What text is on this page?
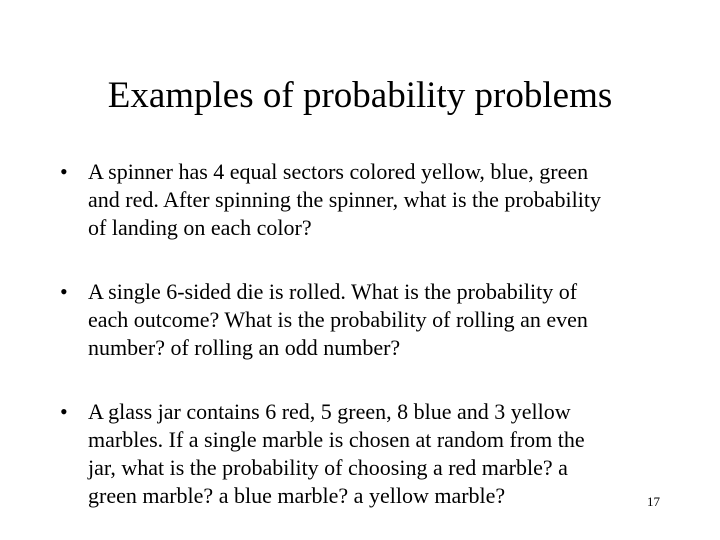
Examples of probability problems
• A spinner has 4 equal sectors colored yellow, blue, green
and red. After spinning the spinner, what is the probability
of landing on each color?
• A single 6-sided die is rolled. What is the probability of
each outcome? What is the probability of rolling an even
number? of rolling an odd number?
• A glass jar contains 6 red, 5 green, 8 blue and 3 yellow
marbles. If a single marble is chosen at random from the
jar, what is the probability of choosing a red marble? a
green marble? a blue marble? a yellow marble?	17
